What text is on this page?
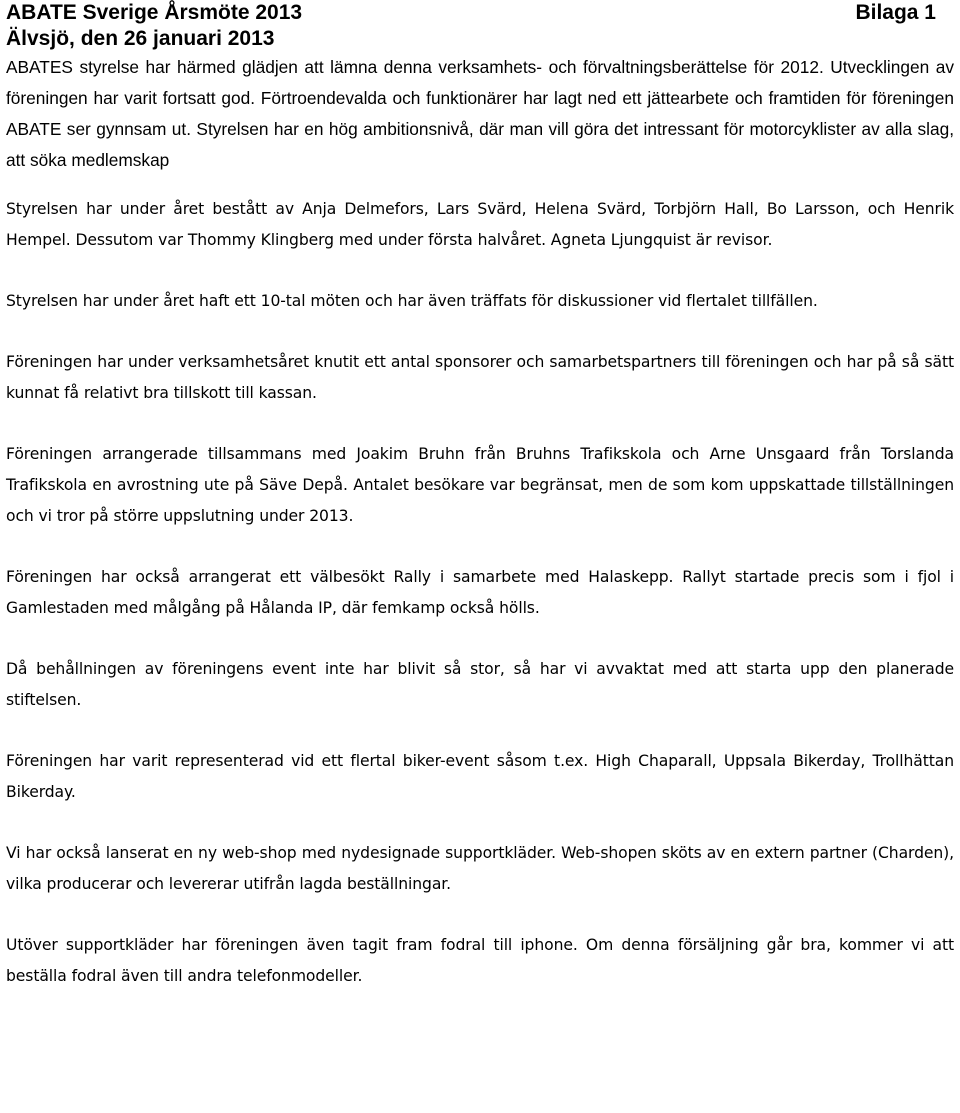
ABATE Sverige Årsmöte 2013	Bilaga 1
Älvsjö, den 26 januari 2013

ABATES styrelse har härmed glädjen att lämna denna verksamhets- och förvaltningsberättelse för 2012. Utvecklingen av föreningen har varit fortsatt god. Förtroendevalda och funktionärer har lagt ned ett jättearbete och framtiden för föreningen ABATE ser gynnsam ut. Styrelsen har en hög ambitionsnivå, där man vill göra det intressant för motorcyklister av alla slag, att söka medlemskap

Styrelsen har under året bestått av Anja Delmefors, Lars Svärd, Helena Svärd, Torbjörn Hall, Bo Larsson, och Henrik Hempel. Dessutom var Thommy Klingberg med under första halvåret. Agneta Ljungquist är revisor.

Styrelsen har under året haft ett 10-tal möten och har även träffats för diskussioner vid flertalet tillfällen.

Föreningen har under verksamhetsåret knutit ett antal sponsorer och samarbetspartners till föreningen och har på så sätt kunnat få relativt bra tillskott till kassan.

Föreningen arrangerade tillsammans med Joakim Bruhn från Bruhns Trafikskola och Arne Unsgaard från Torslanda Trafikskola en avrostning ute på Säve Depå. Antalet besökare var begränsat, men de som kom uppskattade tillställningen och vi tror på större uppslutning under 2013.

Föreningen har också arrangerat ett välbesökt Rally i samarbete med Halaskepp. Rallyt startade precis som i fjol i Gamlestaden med målgång på Hålanda IP, där femkamp också hölls.

Då behållningen av föreningens event inte har blivit så stor, så har vi avvaktat med att starta upp den planerade stiftelsen.

Föreningen har varit representerad vid ett flertal biker-event såsom t.ex. High Chaparall, Uppsala Bikerday, Trollhättan Bikerday.

Vi har också lanserat en ny web-shop med nydesignade supportkläder. Web-shopen sköts av en extern partner (Charden), vilka producerar och levererar utifrån lagda beställningar.

Utöver supportkläder har föreningen även tagit fram fodral till iphone. Om denna försäljning går bra, kommer vi att beställa fodral även till andra telefonmodeller.
